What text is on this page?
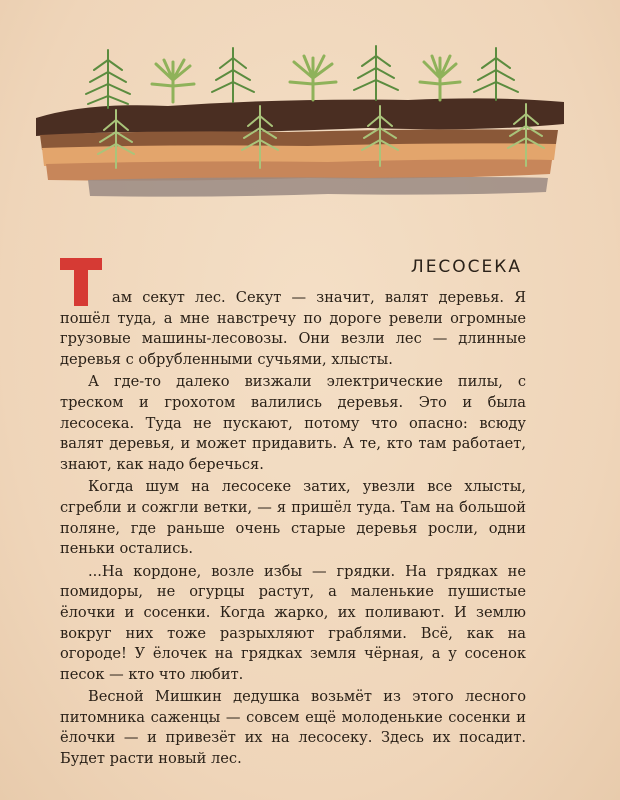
ЛЕСОСЕКА

ам секут лес. Секут — значит, валят деревья. Я пошёл туда, а мне навстречу по дороге ревели огромные грузовые машины-лесовозы. Они везли лес — длинные деревья с обрубленными сучьями, хлысты.

А где-то далеко визжали электрические пилы, с треском и грохотом валились деревья. Это и была лесосека. Туда не пускают, потому что опасно: всюду валят деревья, и может придавить. А те, кто там работает, знают, как надо беречься.

Когда шум на лесосеке затих, увезли все хлысты, сгребли и сожгли ветки, — я пришёл туда. Там на большой поляне, где раньше очень старые деревья росли, одни пеньки остались.

...На кордоне, возле избы — грядки. На грядках не помидоры, не огурцы растут, а маленькие пушистые ёлочки и сосенки. Когда жарко, их поливают. И землю вокруг них тоже разрыхляют граблями. Всё, как на огороде! У ёлочек на грядках земля чёрная, а у сосенок песок — кто что любит.

Весной Мишкин дедушка возьмёт из этого лесного питомника саженцы — совсем ещё молоденькие сосенки и ёлочки — и привезёт их на лесосеку. Здесь их посадит. Будет расти новый лес.
